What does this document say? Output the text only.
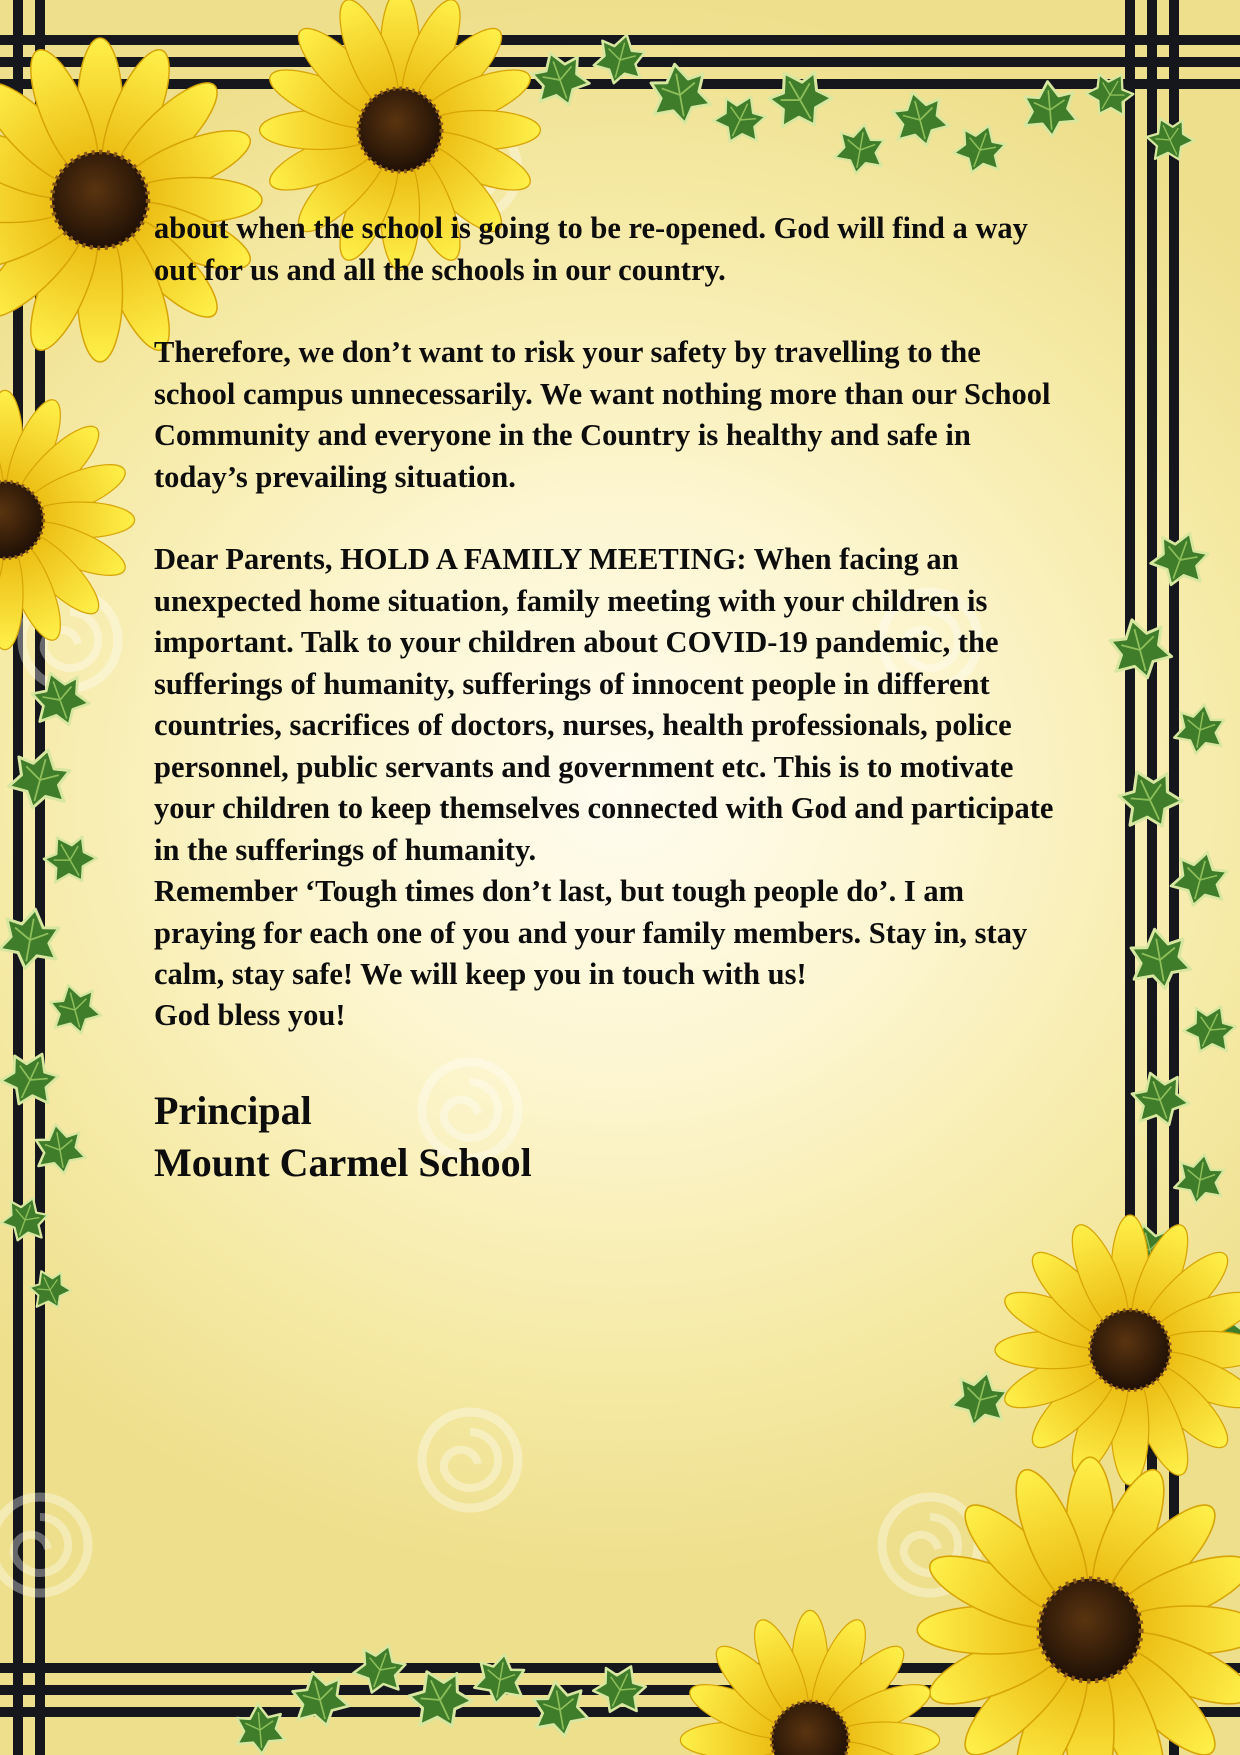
about when the school is going to be re-opened. God will find a way
out for us and all the schools in our country.

Therefore, we don’t want to risk your safety by travelling to the
school campus unnecessarily. We want nothing more than our School
Community and everyone in the Country is healthy and safe in
today’s prevailing situation.

Dear Parents, HOLD A FAMILY MEETING: When facing an
unexpected home situation, family meeting with your children is
important. Talk to your children about COVID-19 pandemic, the
sufferings of humanity, sufferings of innocent people in different
countries, sacrifices of doctors, nurses, health professionals, police
personnel, public servants and government etc. This is to motivate
your children to keep themselves connected with God and participate
in the sufferings of humanity.

Remember ‘Tough times don’t last, but tough people do’. I am
praying for each one of you and your family members. Stay in, stay
calm, stay safe! We will keep you in touch with us!

God bless you!

Principal
Mount Carmel School
